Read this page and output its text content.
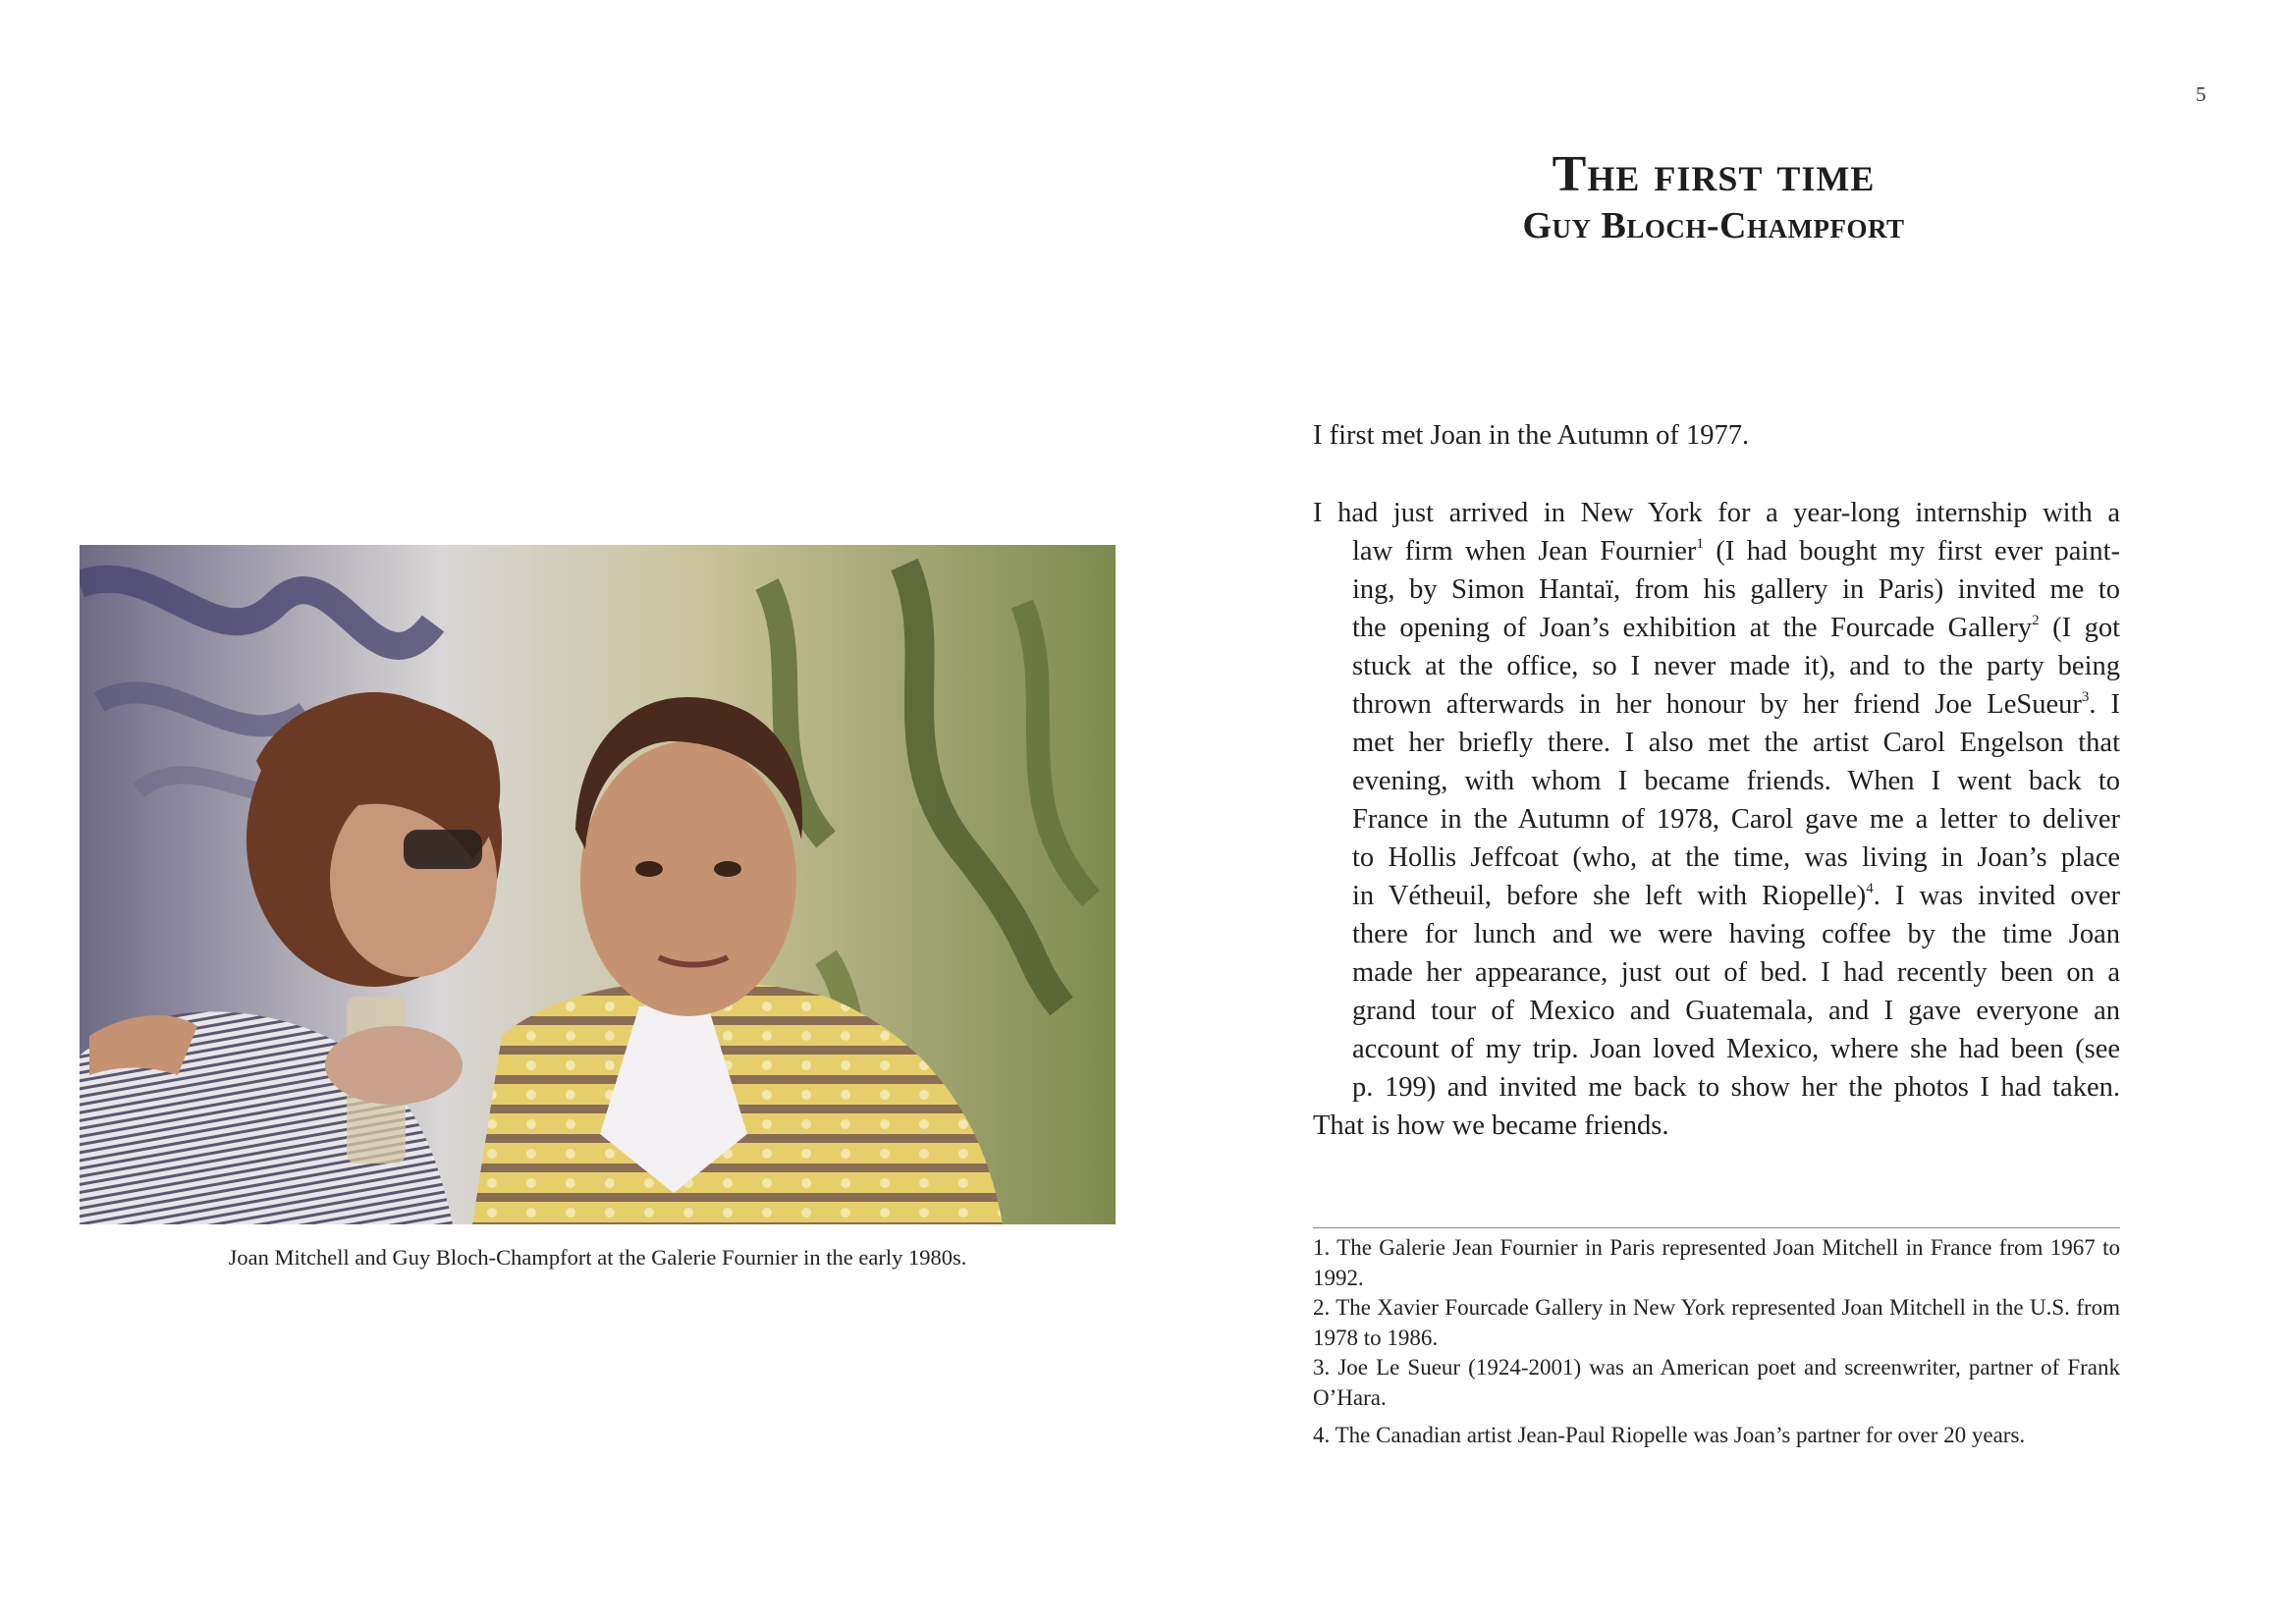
5
The first time
Guy Bloch-Champfort
I first met Joan in the Autumn of 1977.
I had just arrived in New York for a year-long internship with a
law firm when Jean Fournier$^1$ (I had bought my first ever paint-
ing, by Simon Hantaï, from his gallery in Paris) invited me to
the opening of Joan’s exhibition at the Fourcade Gallery$^2$ (I got
stuck at the office, so I never made it), and to the party being
thrown afterwards in her honour by her friend Joe LeSueur$^3$. I
met her briefly there. I also met the artist Carol Engelson that
evening, with whom I became friends. When I went back to
France in the Autumn of 1978, Carol gave me a letter to deliver
to Hollis Jeffcoat (who, at the time, was living in Joan’s place
in Vétheuil, before she left with Riopelle)$^4$. I was invited over
there for lunch and we were having coffee by the time Joan
made her appearance, just out of bed. I had recently been on a
grand tour of Mexico and Guatemala, and I gave everyone an
account of my trip. Joan loved Mexico, where she had been (see
p. 199) and invited me back to show her the photos I had taken.
That is how we became friends.
1. The Galerie Jean Fournier in Paris represented Joan Mitchell in France from 1967 to 1992.
2. The Xavier Fourcade Gallery in New York represented Joan Mitchell in the U.S. from 1978 to 1986.
3. Joe Le Sueur (1924-2001) was an American poet and screenwriter, partner of Frank O’Hara.
4. The Canadian artist Jean-Paul Riopelle was Joan’s partner for over 20 years.
Joan Mitchell and Guy Bloch-Champfort at the Galerie Fournier in the early 1980s.
